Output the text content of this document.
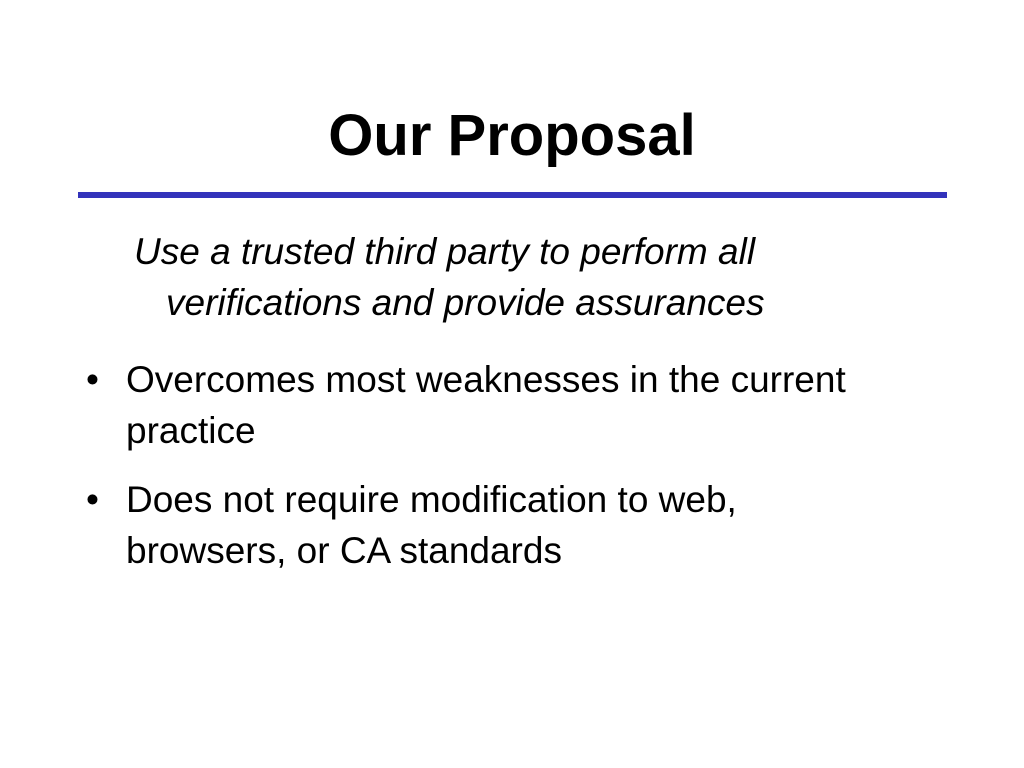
Our Proposal

Use a trusted third party to perform all verifications and provide assurances

• Overcomes most weaknesses in the current practice
• Does not require modification to web, browsers, or CA standards
